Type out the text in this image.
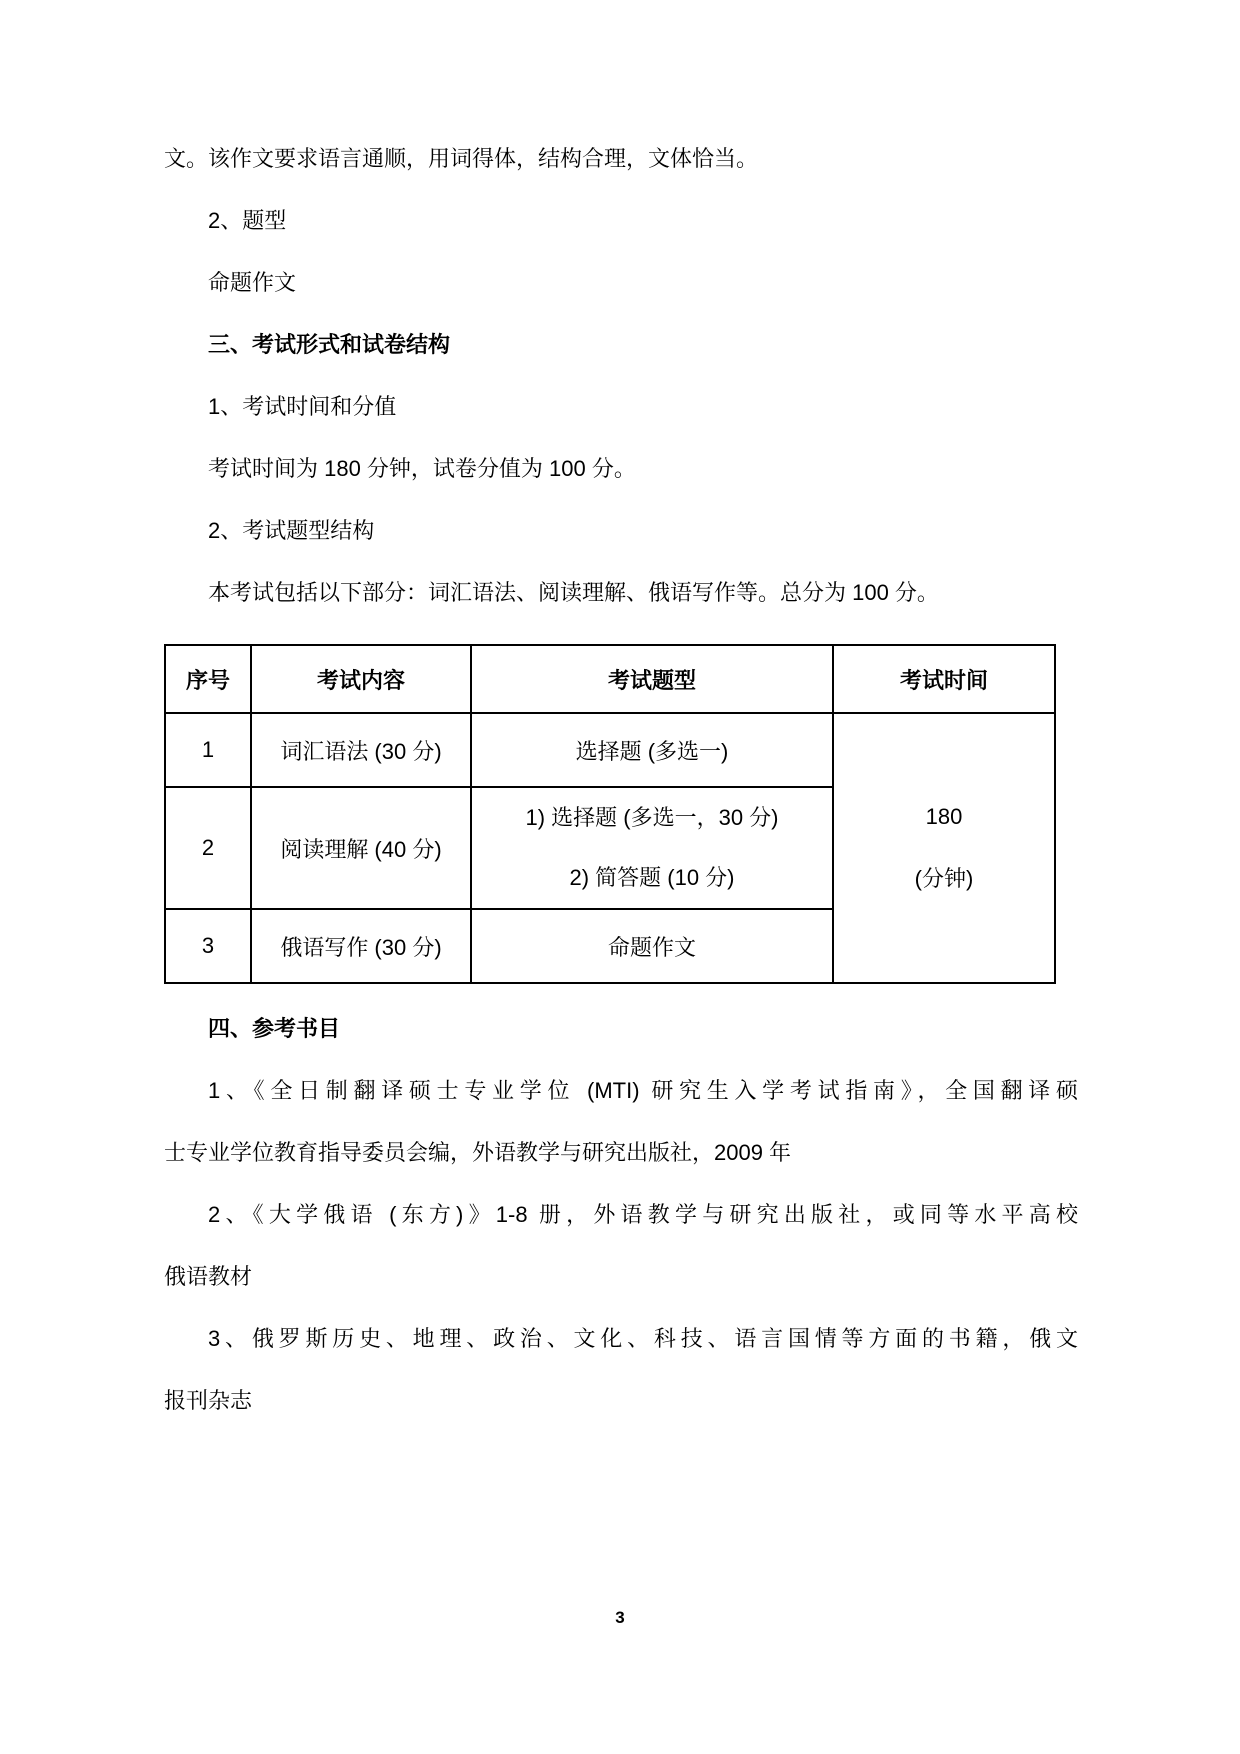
文。该作文要求语言通顺，用词得体，结构合理，文体恰当。

2、题型

命题作文

三、考试形式和试卷结构

1、考试时间和分值

考试时间为 180 分钟，试卷分值为 100 分。

2、考试题型结构

本考试包括以下部分：词汇语法、阅读理解、俄语写作等。总分为 100 分。

序号	考试内容	考试题型	考试时间
1	词汇语法 (30 分)	选择题 (多选一)	180
(分钟)

2	阅读理解 (40 分)	1) 选择题 (多选一，30 分)
2) 简答题 (10 分)	

3	俄语写作 (30 分)	命题作文	

四、参考书目

1、《全日制翻译硕士专业学位 (MTI) 研究生入学考试指南》，全国翻译硕

士专业学位教育指导委员会编，外语教学与研究出版社，2009 年

2、《大学俄语 (东方)》1-8 册，外语教学与研究出版社，或同等水平高校

俄语教材

3、俄罗斯历史、地理、政治、文化、科技、语言国情等方面的书籍，俄文

报刊杂志

3
